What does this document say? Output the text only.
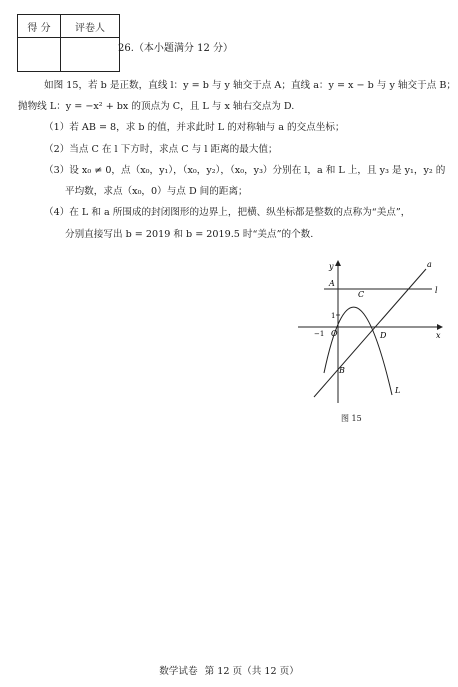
得 分	评卷人

26.（本小题满分 12 分）
如图 15，若 b 是正数，直线 l：y = b 与 y 轴交于点 A；直线 a：y = x − b 与 y 轴交于点 B；
抛物线 L：y = −x² + bx 的顶点为 C，且 L 与 x 轴右交点为 D.
（1）若 AB = 8，求 b 的值，并求此时 L 的对称轴与 a 的交点坐标；
（2）当点 C 在 l 下方时，求点 C 与 l 距离的最大值；
（3）设 x₀ ≠ 0，点（x₀，y₁），（x₀，y₂），（x₀，y₃）分别在 l，a 和 L 上，且 y₃ 是 y₁，y₂ 的
平均数，求点（x₀，0）与点 D 间的距离；
（4）在 L 和 a 所围成的封闭图形的边界上，把横、纵坐标都是整数的点称为“美点”，
分别直接写出 b = 2019 和 b = 2019.5 时“美点”的个数.
y
x
A
B
C
D
O
1
−1
l
a
L
图 15
数学试卷 第 12 页（共 12 页）
